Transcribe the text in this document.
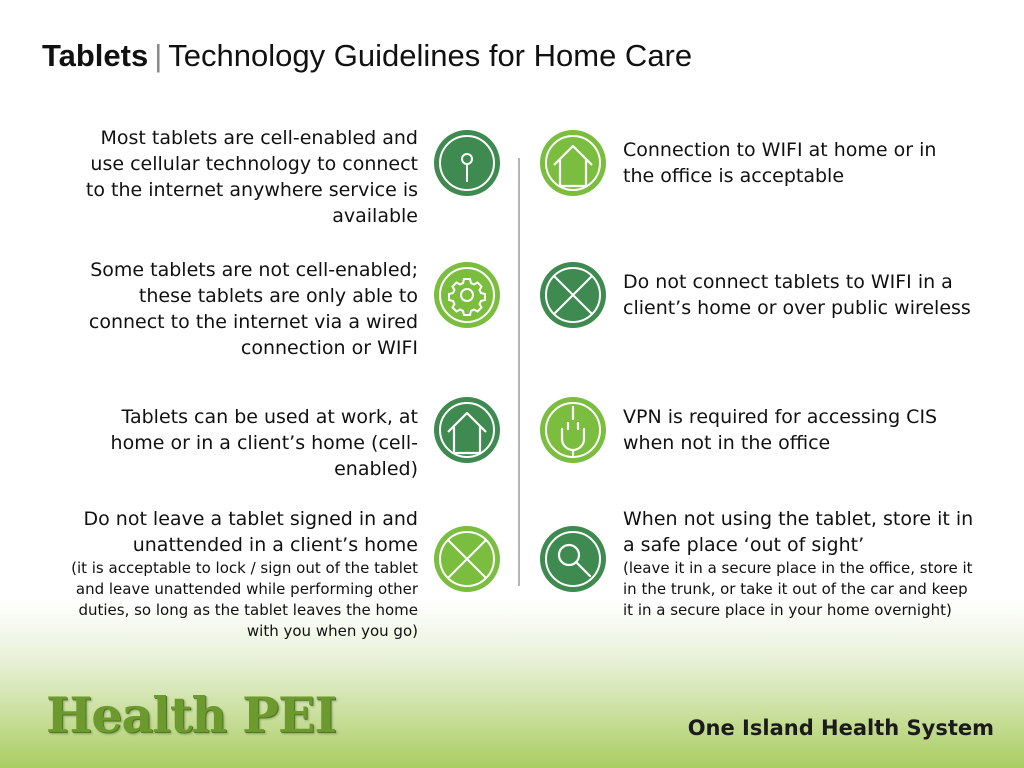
Tablets | Technology Guidelines for Home Care
Most tablets are cell-enabled and use cellular technology to connect to the internet anywhere service is available
Some tablets are not cell-enabled; these tablets are only able to connect to the internet via a wired connection or WIFI
Tablets can be used at work, at home or in a client’s home (cell-enabled)
Do not leave a tablet signed in and unattended in a client’s home
(it is acceptable to lock / sign out of the tablet and leave unattended while performing other duties, so long as the tablet leaves the home with you when you go)
Connection to WIFI at home or in the office is acceptable
Do not connect tablets to WIFI in a client’s home or over public wireless
VPN is required for accessing CIS when not in the office
When not using the tablet, store it in a safe place ‘out of sight’
(leave it in a secure place in the office, store it in the trunk, or take it out of the car and keep it in a secure place in your home overnight)
Health PEI	One Island Health System
